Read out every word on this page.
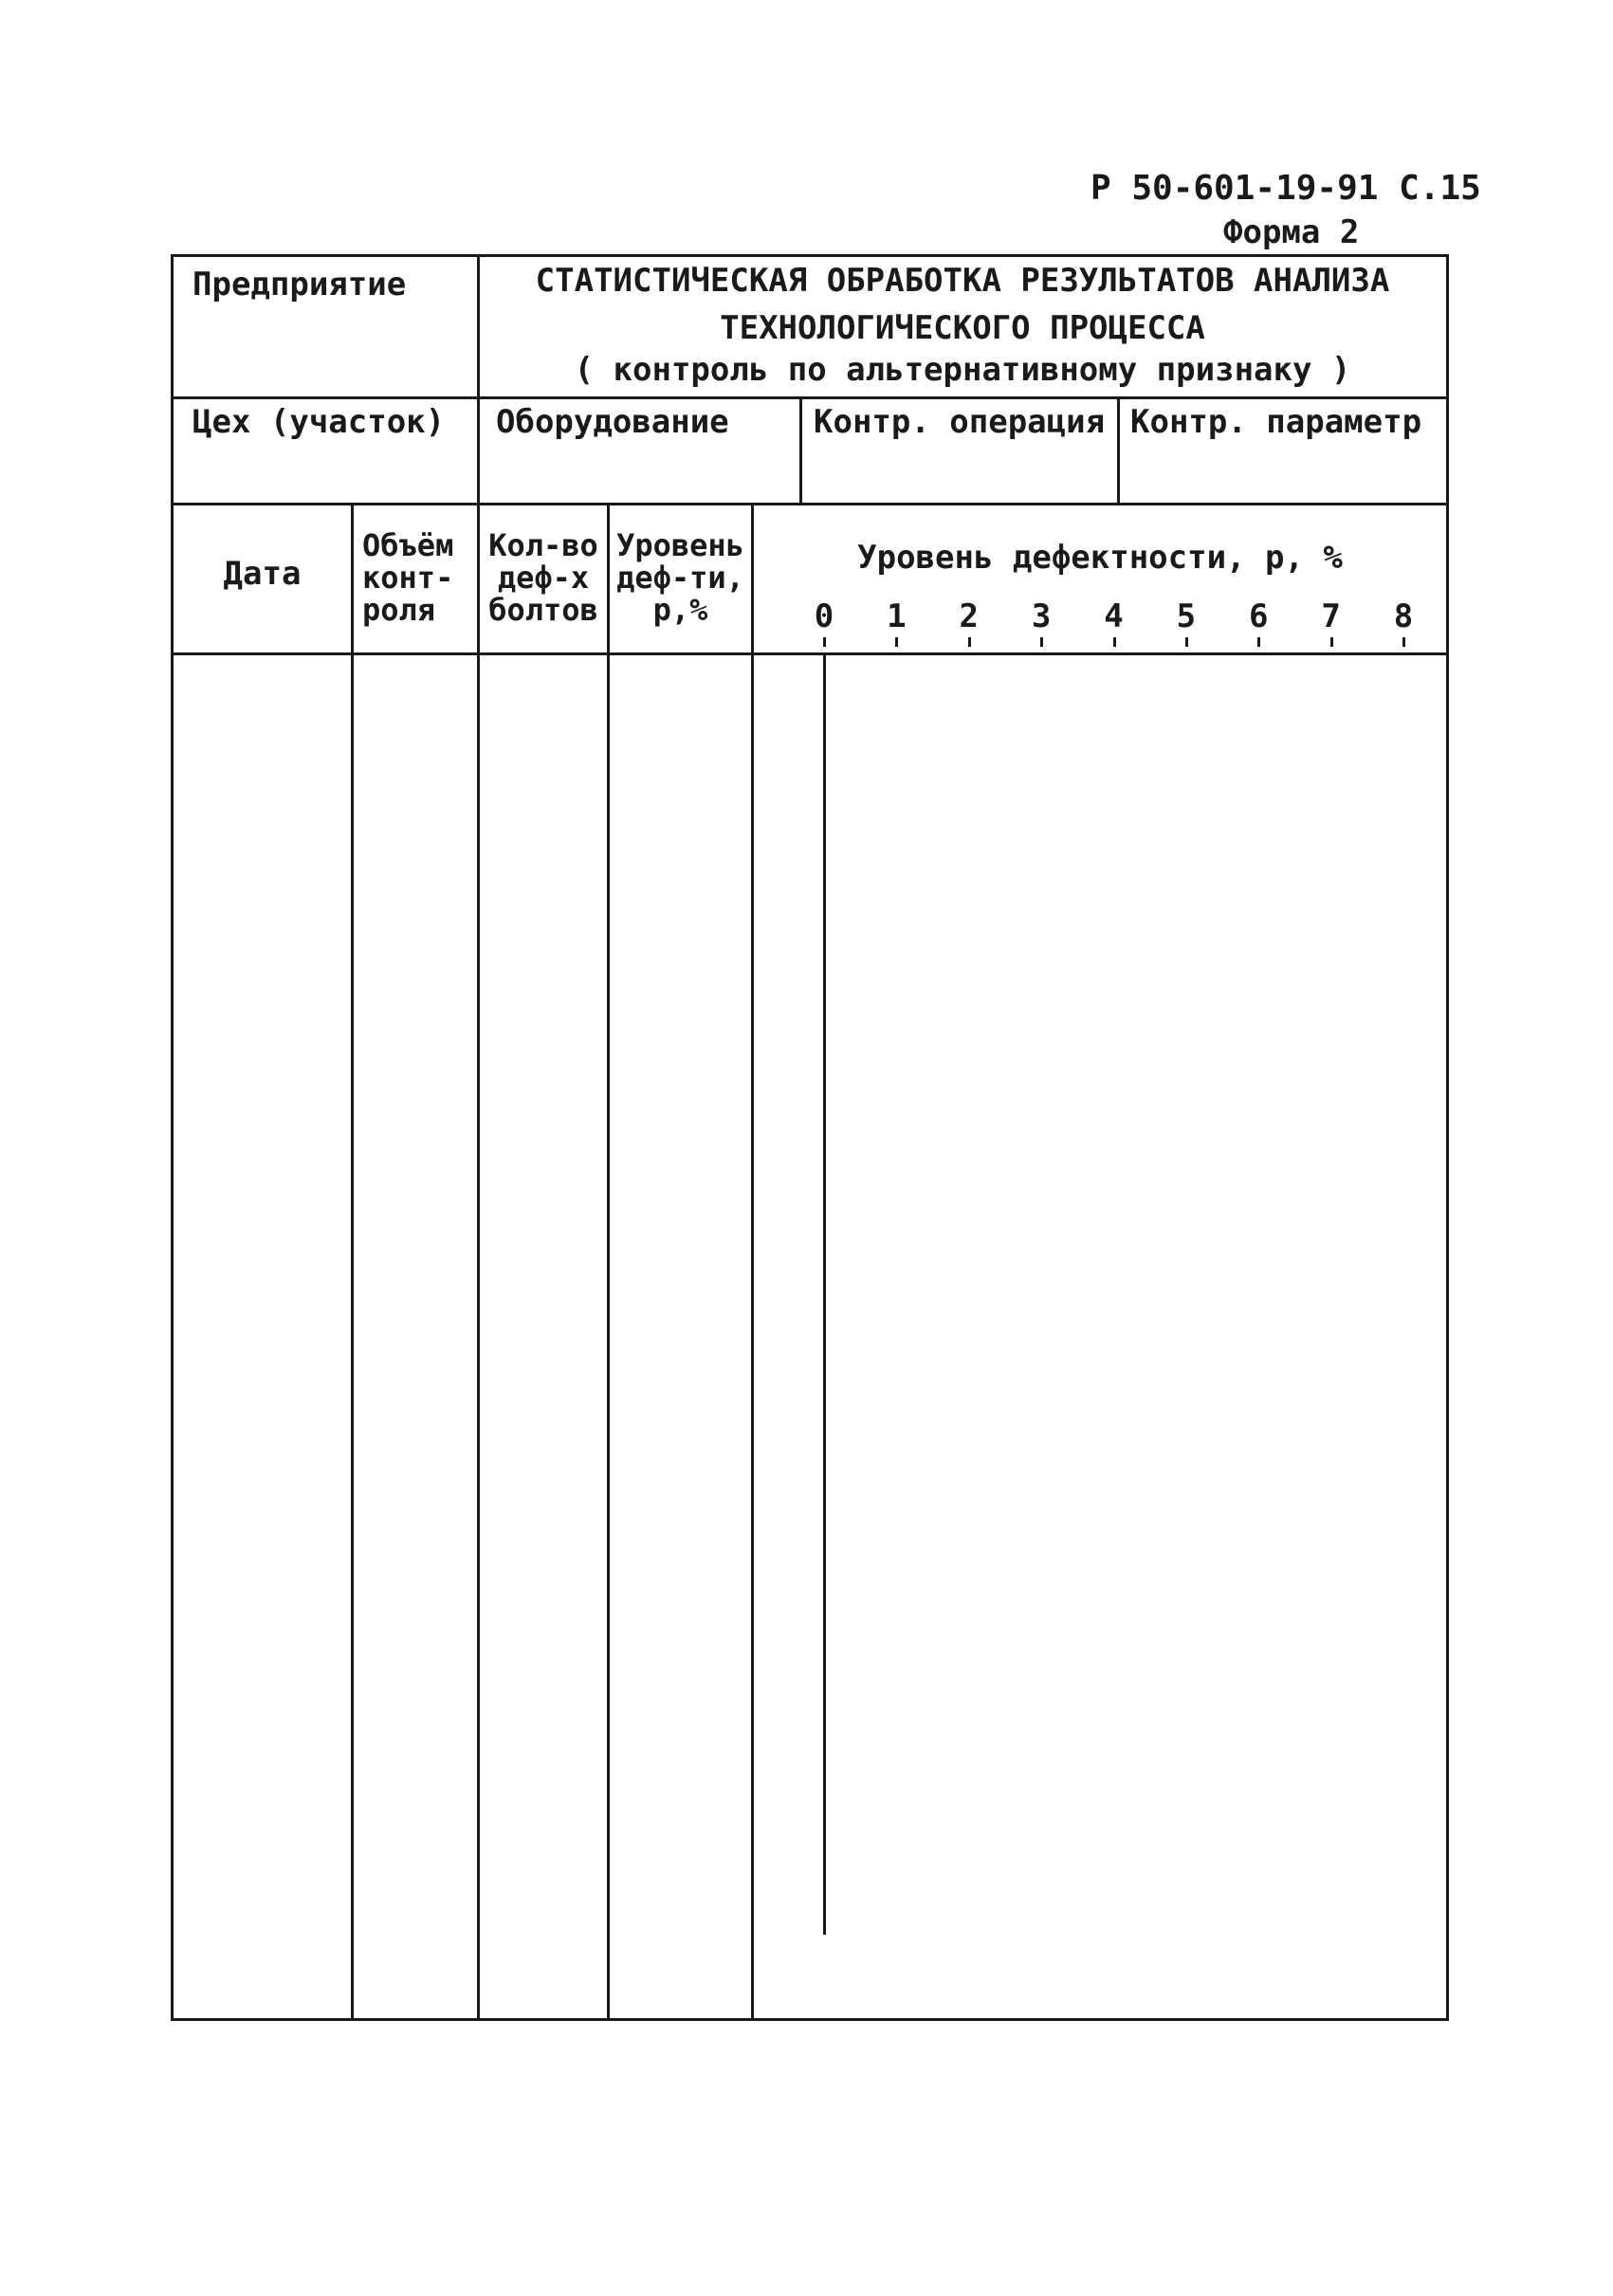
Р 50-601-19-91 С.15
Форма 2
Предприятие	СТАТИСТИЧЕСКАЯ ОБРАБОТКА РЕЗУЛЬТАТОВ АНАЛИЗА
ТЕХНОЛОГИЧЕСКОГО ПРОЦЕССА
( контроль по альтернативному признаку )
Цех (участок) Оборудование	Контр. операция Контр. параметр
Дата
Объём
конт-
роля
Кол-во
деф-х
болтов
Уровень
деф-ти,
р,%
Уровень дефектности, р, %
0 1 2 3 4 5 6 7 8
